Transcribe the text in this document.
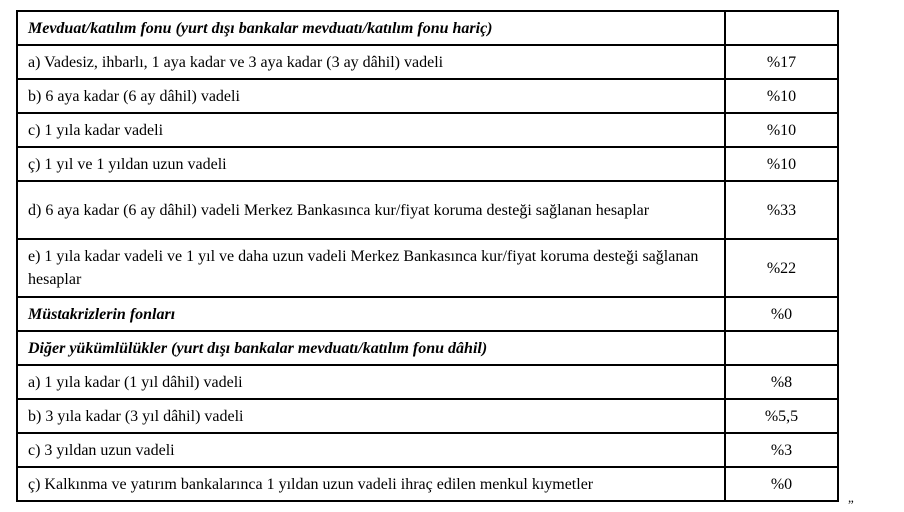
Mevduat/katılım fonu (yurt dışı bankalar mevduatı/katılım fonu hariç)	
a) Vadesiz, ihbarlı, 1 aya kadar ve 3 aya kadar (3 ay dâhil) vadeli	%17
b) 6 aya kadar (6 ay dâhil) vadeli	%10
c) 1 yıla kadar vadeli	%10
ç) 1 yıl ve 1 yıldan uzun vadeli	%10
d) 6 aya kadar (6 ay dâhil) vadeli Merkez Bankasınca kur/fiyat koruma desteği sağlanan hesaplar	%33
e) 1 yıla kadar vadeli ve 1 yıl ve daha uzun vadeli Merkez Bankasınca kur/fiyat koruma desteği sağlanan hesaplar	%22
Müstakrizlerin fonları	%0
Diğer yükümlülükler (yurt dışı bankalar mevduatı/katılım fonu dâhil)	
a) 1 yıla kadar (1 yıl dâhil) vadeli	%8
b) 3 yıla kadar (3 yıl dâhil) vadeli	%5,5
c) 3 yıldan uzun vadeli	%3
ç) Kalkınma ve yatırım bankalarınca 1 yıldan uzun vadeli ihraç edilen menkul kıymetler	%0
”
